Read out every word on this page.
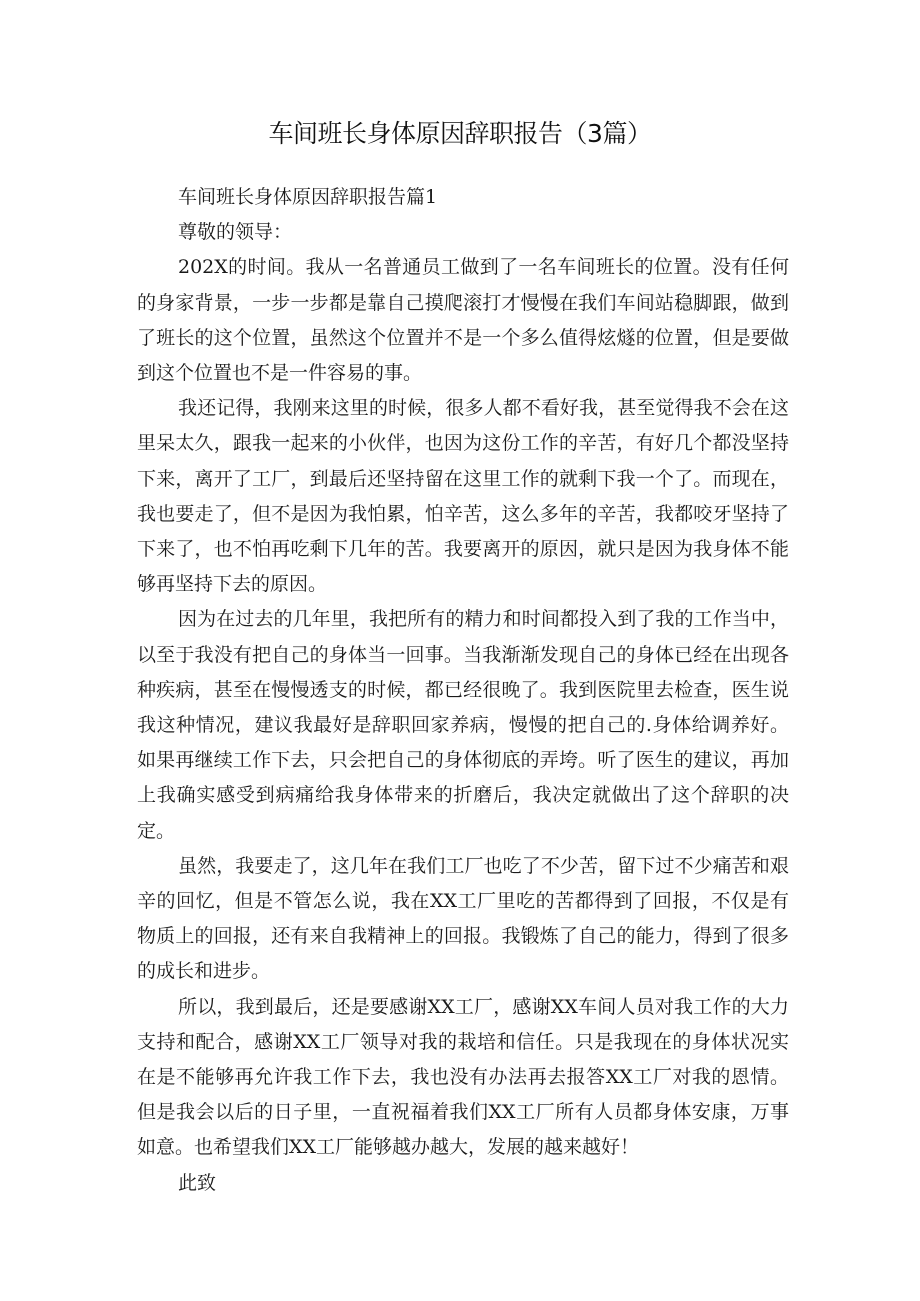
车间班长身体原因辞职报告（3篇）

车间班长身体原因辞职报告篇1

尊敬的领导：

202X的时间。我从一名普通员工做到了一名车间班长的位置。没有任何的身家背景，一步一步都是靠自己摸爬滚打才慢慢在我们车间站稳脚跟，做到了班长的这个位置，虽然这个位置并不是一个多么值得炫燧的位置，但是要做到这个位置也不是一件容易的事。

我还记得，我刚来这里的时候，很多人都不看好我，甚至觉得我不会在这里呆太久，跟我一起来的小伙伴，也因为这份工作的辛苦，有好几个都没坚持下来，离开了工厂，到最后还坚持留在这里工作的就剩下我一个了。而现在，我也要走了，但不是因为我怕累，怕辛苦，这么多年的辛苦，我都咬牙坚持了下来了，也不怕再吃剩下几年的苦。我要离开的原因，就只是因为我身体不能够再坚持下去的原因。

因为在过去的几年里，我把所有的精力和时间都投入到了我的工作当中，以至于我没有把自己的身体当一回事。当我渐渐发现自己的身体已经在出现各种疾病，甚至在慢慢透支的时候，都已经很晚了。我到医院里去检查，医生说我这种情况，建议我最好是辞职回家养病，慢慢的把自己的.身体给调养好。如果再继续工作下去，只会把自己的身体彻底的弄垮。听了医生的建议，再加上我确实感受到病痛给我身体带来的折磨后，我决定就做出了这个辞职的决定。

虽然，我要走了，这几年在我们工厂也吃了不少苦，留下过不少痛苦和艰辛的回忆，但是不管怎么说，我在XX工厂里吃的苦都得到了回报，不仅是有物质上的回报，还有来自我精神上的回报。我锻炼了自己的能力，得到了很多的成长和进步。

所以，我到最后，还是要感谢XX工厂，感谢XX车间人员对我工作的大力支持和配合，感谢XX工厂领导对我的栽培和信任。只是我现在的身体状况实在是不能够再允许我工作下去，我也没有办法再去报答XX工厂对我的恩情。但是我会以后的日子里，一直祝福着我们XX工厂所有人员都身体安康，万事如意。也希望我们XX工厂能够越办越大，发展的越来越好！

此致
